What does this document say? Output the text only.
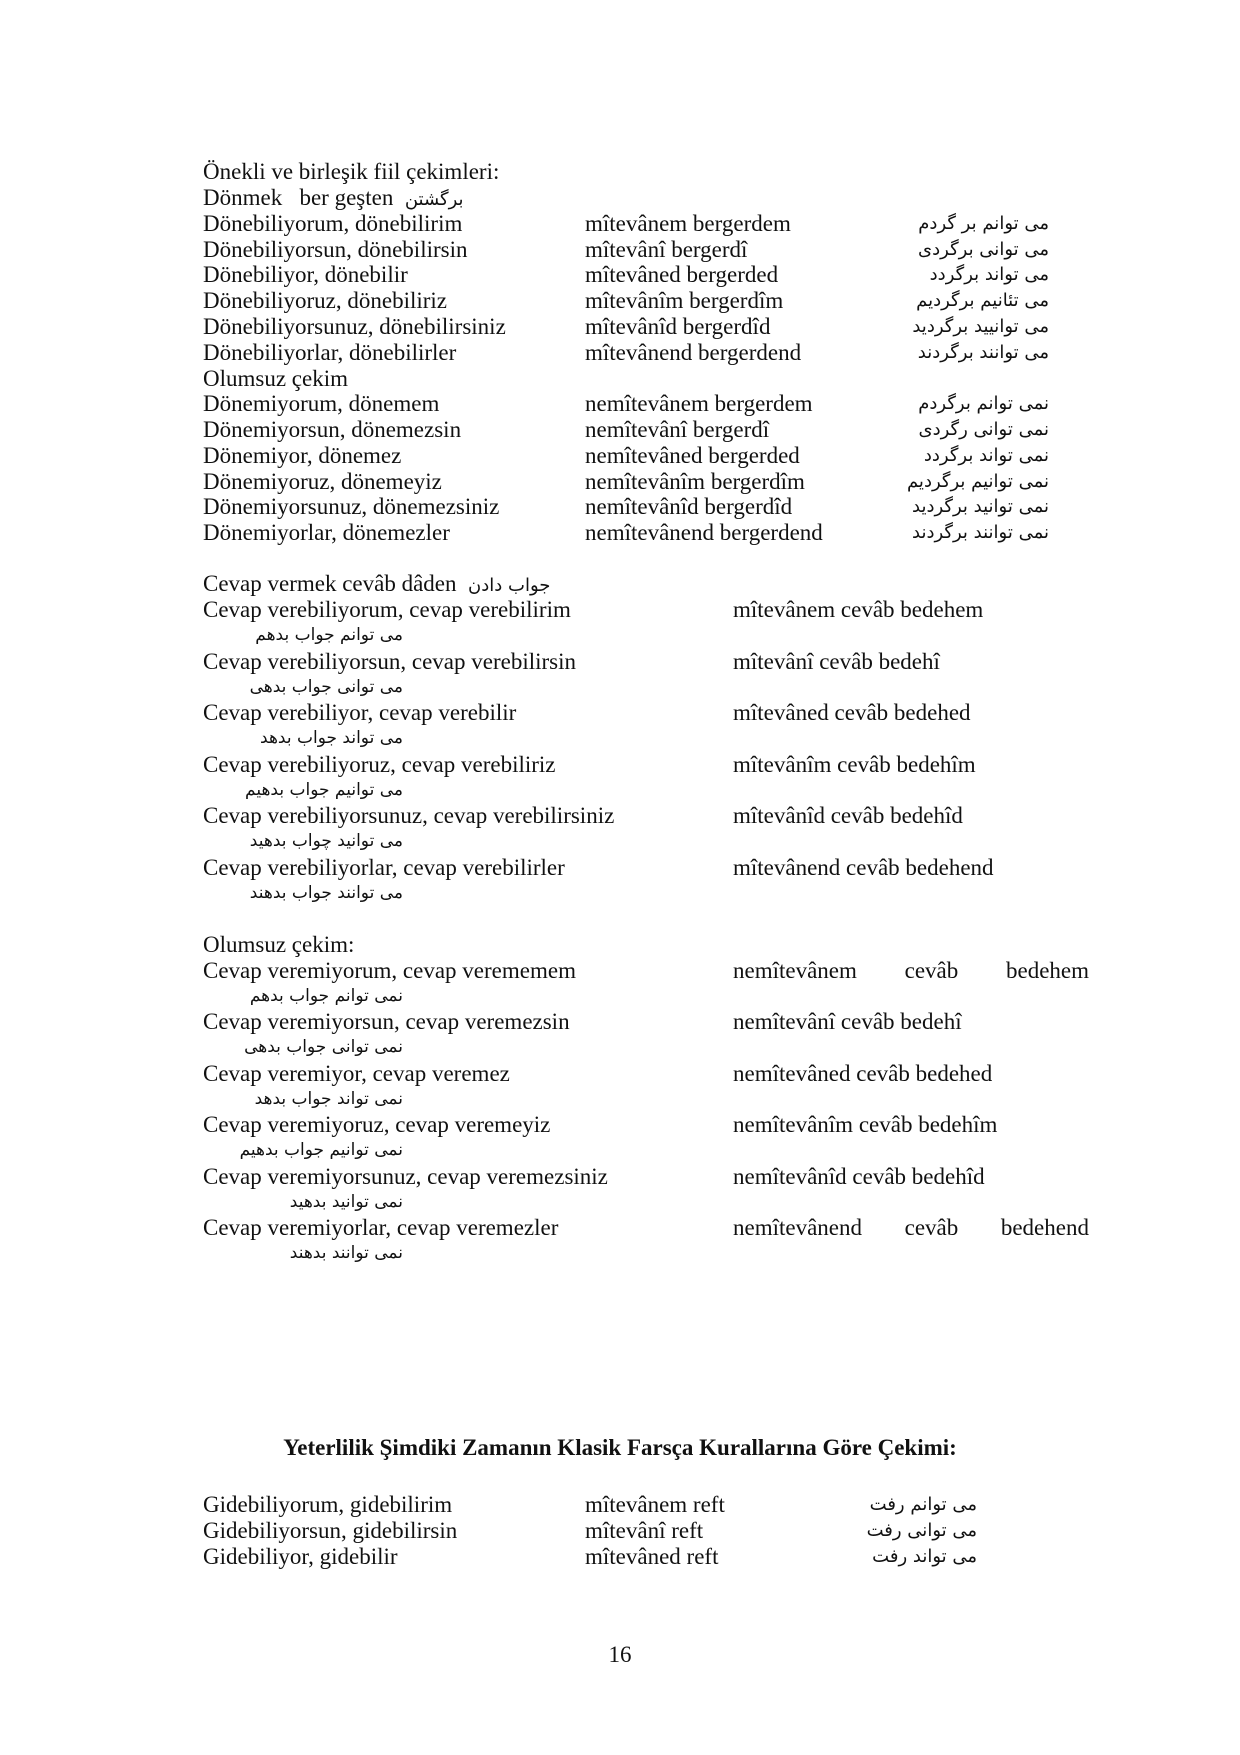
Önekli ve birleşik fiil çekimleri:
Dönmek ber geşten برگشتن
Dönebiliyorum, dönebilirim	mîtevânem bergerdem	می توانم بر گردم
Dönebiliyorsun, dönebilirsin	mîtevânî bergerdî	می توانی برگردی
Dönebiliyor, dönebilir	mîtevâned bergerded	می تواند برگردد
Dönebiliyoruz, dönebiliriz	mîtevânîm bergerdîm	می تئانیم برگردیم
Dönebiliyorsunuz, dönebilirsiniz	mîtevânîd bergerdîd	می توانیید برگردید
Dönebiliyorlar, dönebilirler	mîtevânend bergerdend	می توانند برگردند
Olumsuz çekim
Dönemiyorum, dönemem	nemîtevânem bergerdem	نمی توانم برگردم
Dönemiyorsun, dönemezsin	nemîtevânî bergerdî	نمی توانی رگردی
Dönemiyor, dönemez	nemîtevâned bergerded	نمی تواند برگردد
Dönemiyoruz, dönemeyiz	nemîtevânîm bergerdîm	نمی توانیم برگردیم
Dönemiyorsunuz, dönemezsiniz	nemîtevânîd bergerdîd	نمی توانید برگردید
Dönemiyorlar, dönemezler	nemîtevânend bergerdend	نمی توانند برگردند
Cevap vermek cevâb dâden جواب دادن
Cevap verebiliyorum, cevap verebilirim	mîtevânem cevâb bedehem
می توانم جواب بدهم
Cevap verebiliyorsun, cevap verebilirsin	mîtevânî cevâb bedehî
می توانی جواب بدهی
Cevap verebiliyor, cevap verebilir	mîtevâned cevâb bedehed
می تواند جواب بدهد
Cevap verebiliyoruz, cevap verebiliriz	mîtevânîm cevâb bedehîm
می توانیم جواب بدهیم
Cevap verebiliyorsunuz, cevap verebilirsiniz	mîtevânîd cevâb bedehîd
می توانید چواب بدهید
Cevap verebiliyorlar, cevap verebilirler	mîtevânend cevâb bedehend
می توانند جواب بدهند
Olumsuz çekim:
Cevap veremiyorum, cevap verememem	nemîtevânem cevâb bedehem
نمی توانم جواب بدهم
Cevap veremiyorsun, cevap veremezsin	nemîtevânî cevâb bedehî
نمی توانی جواب بدهی
Cevap veremiyor, cevap veremez	nemîtevâned cevâb bedehed
نمی تواند جواب بدهد
Cevap veremiyoruz, cevap veremeyiz	nemîtevânîm cevâb bedehîm
نمی توانیم جواب بدهیم
Cevap veremiyorsunuz, cevap veremezsiniz	nemîtevânîd cevâb bedehîd
نمی توانید بدهید
Cevap veremiyorlar, cevap veremezler	nemîtevânend cevâb bedehend
نمی توانند بدهند
Yeterlilik Şimdiki Zamanın Klasik Farsça Kurallarına Göre Çekimi:
Gidebiliyorum, gidebilirim	mîtevânem reft	می توانم رفت
Gidebiliyorsun, gidebilirsin	mîtevânî reft	می توانی رفت
Gidebiliyor, gidebilir	mîtevâned reft	می تواند رفت
16
